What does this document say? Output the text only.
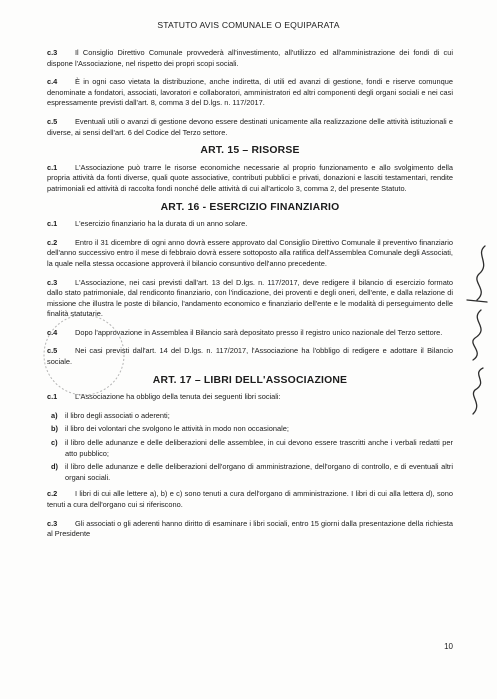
STATUTO AVIS COMUNALE O EQUIPARATA

c.3 Il Consiglio Direttivo Comunale provvederà all'investimento, all'utilizzo ed all'amministrazione dei fondi di cui dispone l'Associazione, nel rispetto dei propri scopi sociali.

c.4 È in ogni caso vietata la distribuzione, anche indiretta, di utili ed avanzi di gestione, fondi e riserve comunque denominate a fondatori, associati, lavoratori e collaboratori, amministratori ed altri componenti degli organi sociali e nei casi espressamente previsti dall'art. 8, comma 3 del D.lgs. n. 117/2017.

c.5 Eventuali utili o avanzi di gestione devono essere destinati unicamente alla realizzazione delle attività istituzionali e diverse, ai sensi dell'art. 6 del Codice del Terzo settore.

ART. 15 – RISORSE

c.1 L'Associazione può trarre le risorse economiche necessarie al proprio funzionamento e allo svolgimento della propria attività da fonti diverse, quali quote associative, contributi pubblici e privati, donazioni e lasciti testamentari, rendite patrimoniali ed attività di raccolta fondi nonché delle attività di cui all'articolo 3, comma 2, del presente Statuto.

ART. 16 - ESERCIZIO FINANZIARIO

c.1 L'esercizio finanziario ha la durata di un anno solare.

c.2 Entro il 31 dicembre di ogni anno dovrà essere approvato dal Consiglio Direttivo Comunale il preventivo finanziario dell'anno successivo entro il mese di febbraio dovrà essere sottoposto alla ratifica dell'Assemblea Comunale degli Associati, la quale nella stessa occasione approverà il bilancio consuntivo dell'anno precedente.

c.3 L'Associazione, nei casi previsti dall'art. 13 del D.lgs. n. 117/2017, deve redigere il bilancio di esercizio formato dallo stato patrimoniale, dal rendiconto finanziario, con l'indicazione, dei proventi e degli oneri, dell'ente, e dalla relazione di missione che illustra le poste di bilancio, l'andamento economico e finanziario dell'ente e le modalità di perseguimento delle finalità statutarie.

c.4 Dopo l'approvazione in Assemblea il Bilancio sarà depositato presso il registro unico nazionale del Terzo settore.

c.5 Nei casi previsti dall'art. 14 del D.lgs. n. 117/2017, l'Associazione ha l'obbligo di redigere e adottare il Bilancio sociale.

ART. 17 – LIBRI DELL'ASSOCIAZIONE

c.1 L'Associazione ha obbligo della tenuta dei seguenti libri sociali:

a) il libro degli associati o aderenti;
b) il libro dei volontari che svolgono le attività in modo non occasionale;
c) il libro delle adunanze e delle deliberazioni delle assemblee, in cui devono essere trascritti anche i verbali redatti per atto pubblico;
d) il libro delle adunanze e delle deliberazioni dell'organo di amministrazione, dell'organo di controllo, e di eventuali altri organi sociali.

c.2 I libri di cui alle lettere a), b) e c) sono tenuti a cura dell'organo di amministrazione. I libri di cui alla lettera d), sono tenuti a cura dell'organo cui si riferiscono.

c.3 Gli associati o gli aderenti hanno diritto di esaminare i libri sociali, entro 15 giorni dalla presentazione della richiesta al Presidente

10
